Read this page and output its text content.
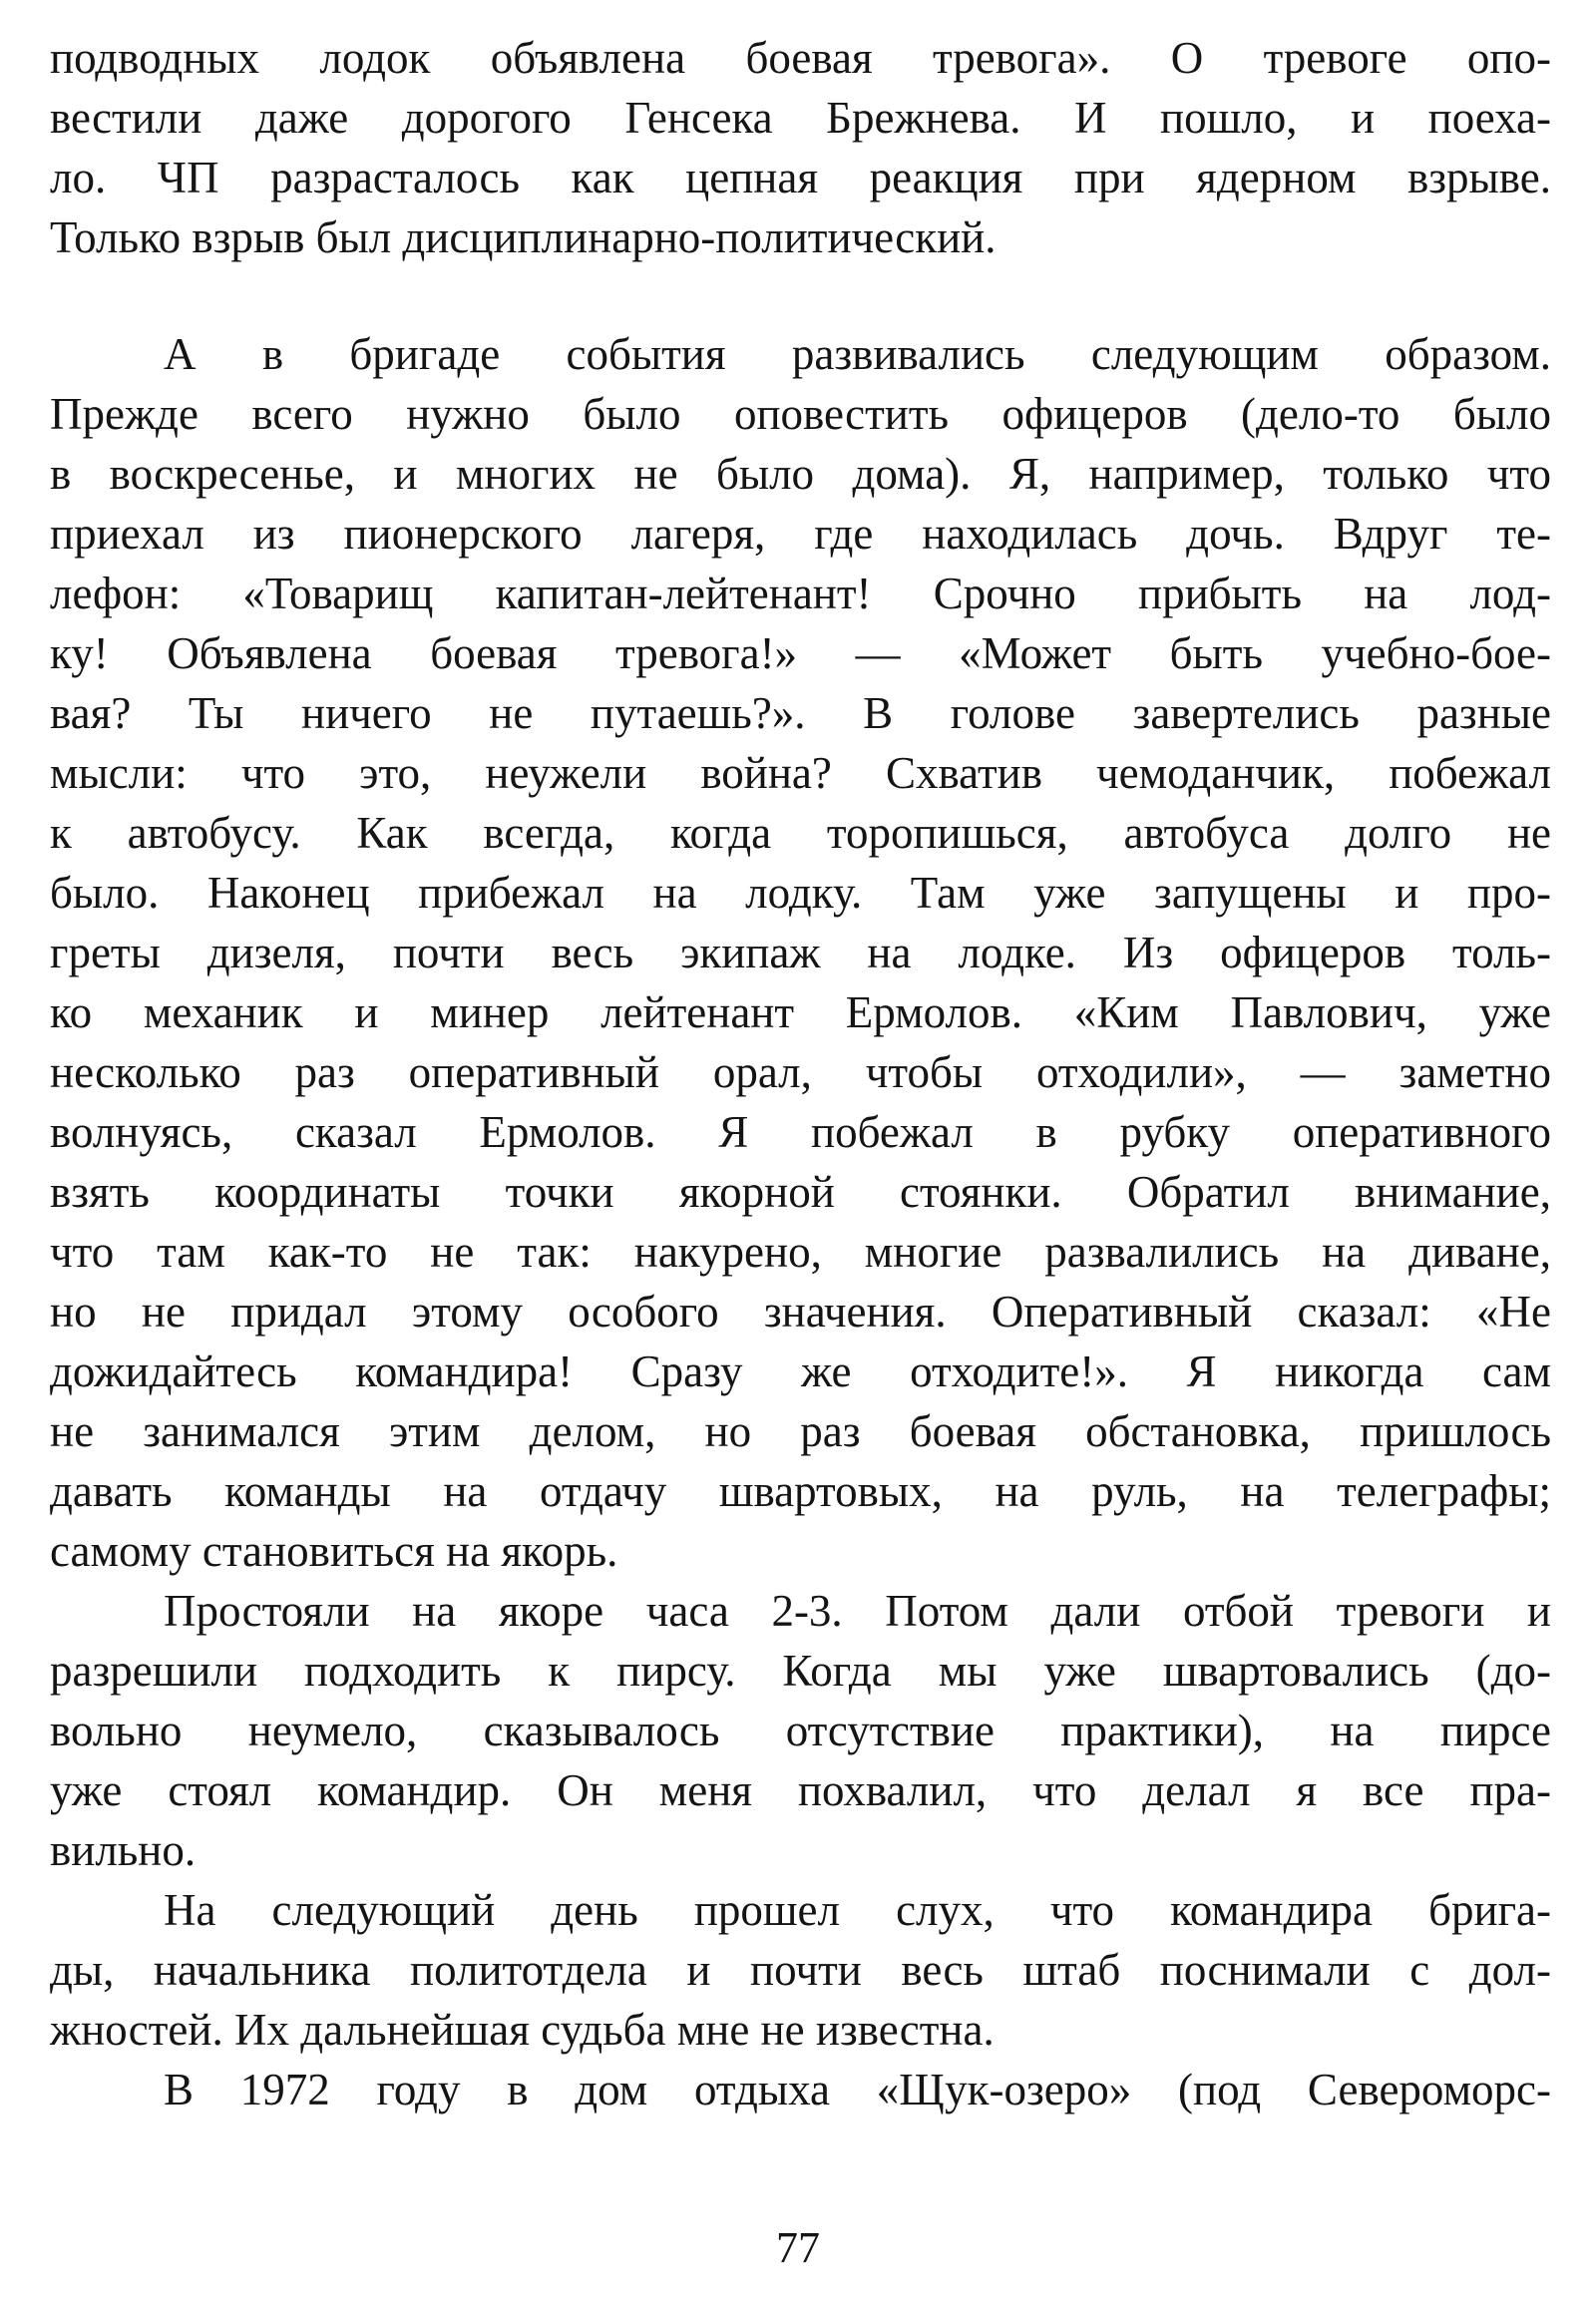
подводных лодок объявлена боевая тревога». О тревоге опо-
вестили даже дорогого Генсека Брежнева. И пошло, и поеха-
ло. ЧП разрасталось как цепная реакция при ядерном взрыве.
Только взрыв был дисциплинарно-политический.
А в бригаде события развивались следующим образом.
Прежде всего нужно было оповестить офицеров (дело-то было
в воскресенье, и многих не было дома). Я, например, только что
приехал из пионерского лагеря, где находилась дочь. Вдруг те-
лефон: «Товарищ капитан-лейтенант! Срочно прибыть на лод-
ку! Объявлена боевая тревога!» — «Может быть учебно-бое-
вая? Ты ничего не путаешь?». В голове завертелись разные
мысли: что это, неужели война? Схватив чемоданчик, побежал
к автобусу. Как всегда, когда торопишься, автобуса долго не
было. Наконец прибежал на лодку. Там уже запущены и про-
греты дизеля, почти весь экипаж на лодке. Из офицеров толь-
ко механик и минер лейтенант Ермолов. «Ким Павлович, уже
несколько раз оперативный орал, чтобы отходили», — заметно
волнуясь, сказал Ермолов. Я побежал в рубку оперативного
взять координаты точки якорной стоянки. Обратил внимание,
что там как-то не так: накурено, многие развалились на диване,
но не придал этому особого значения. Оперативный сказал: «Не
дожидайтесь командира! Сразу же отходите!». Я никогда сам
не занимался этим делом, но раз боевая обстановка, пришлось
давать команды на отдачу швартовых, на руль, на телеграфы;
самому становиться на якорь.
Простояли на якоре часа 2-3. Потом дали отбой тревоги и
разрешили подходить к пирсу. Когда мы уже швартовались (до-
вольно неумело, сказывалось отсутствие практики), на пирсе
уже стоял командир. Он меня похвалил, что делал я все пра-
вильно.
На следующий день прошел слух, что командира брига-
ды, начальника политотдела и почти весь штаб поснимали с дол-
жностей. Их дальнейшая судьба мне не известна.
В 1972 году в дом отдыха «Щук-озеро» (под Североморс-
77
